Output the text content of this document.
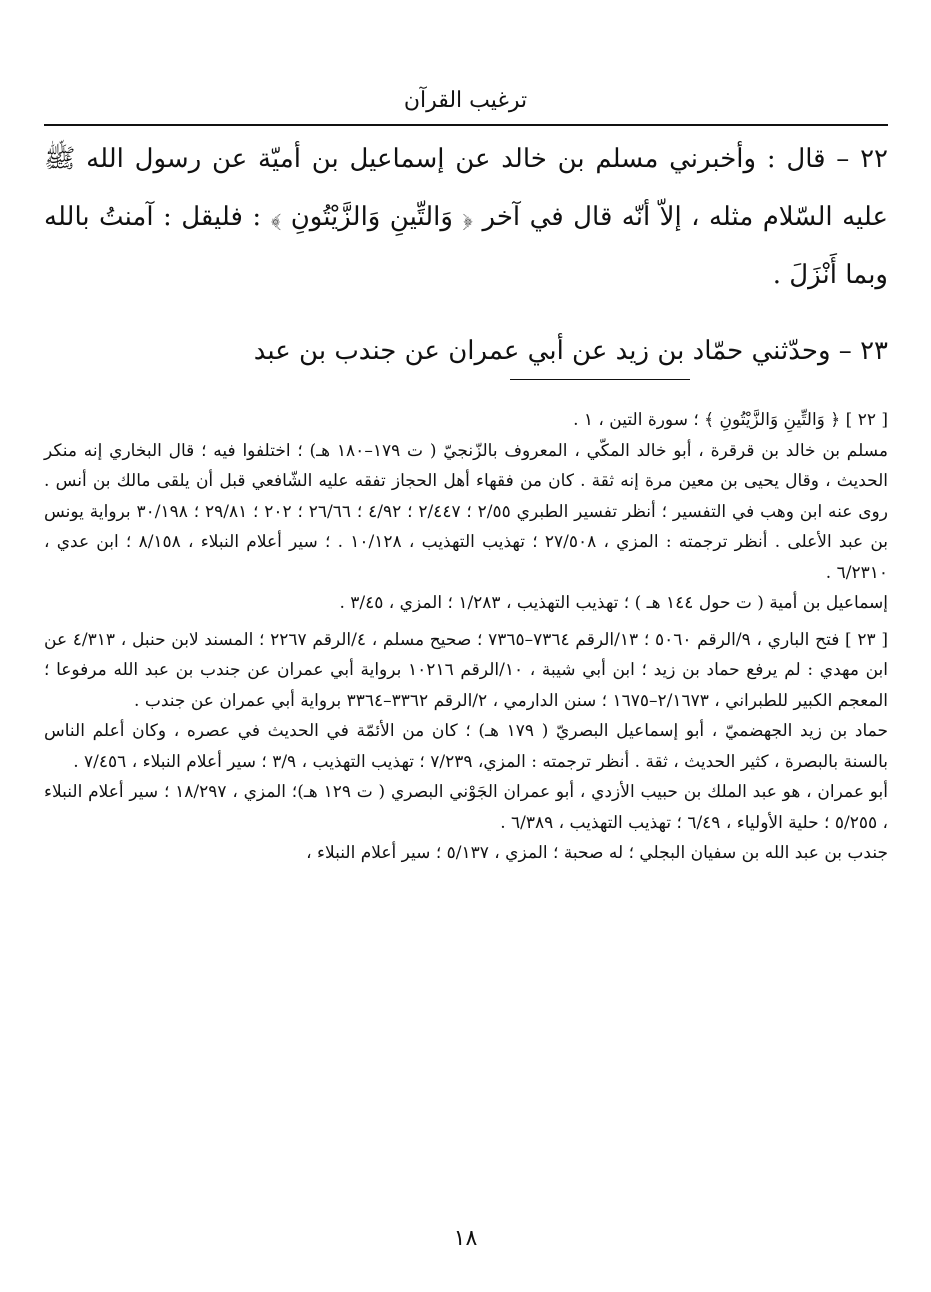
ترغيب القرآن

٢٢ – قال : وأخبرني مسلم بن خالد عن إسماعيل بن أميّة عن رسول الله ﷺ عليه السّلام مثله ، إلاّ أنّه قال في آخر ﴿ وَالتِّينِ وَالزَّيْتُونِ ﴾ : فليقل : آمنتُ بالله وبما أَنْزَلَ .

٢٣ – وحدّثني حمّاد بن زيد عن أبي عمران عن جندب بن عبد

[ ٢٢ ] ﴿ وَالتِّينِ وَالزَّيْتُونِ ﴾ ؛ سورة التين ، ١ .

مسلم بن خالد بن قرقرة ، أبو خالد المكّي ، المعروف بالزّنجيّ ( ت ١٧٩–١٨٠ هـ) ؛ اختلفوا فيه ؛ قال البخاري إنه منكر الحديث ، وقال يحيى بن معين مرة إنه ثقة . كان من فقهاء أهل الحجاز تفقه عليه الشّافعي قبل أن يلقى مالك بن أنس . روى عنه ابن وهب في التفسير ؛ أنظر تفسير الطبري ٢/٥٥ ؛ ٢/٤٤٧ ؛ ٤/٩٢ ؛ ٢٦/٦٦ ؛ ٢٠٢ ؛ ٢٩/٨١ ؛ ٣٠/١٩٨ برواية يونس بن عبد الأعلى . أنظر ترجمته : المزي ، ٢٧/٥٠٨ ؛ تهذيب التهذيب ، ١٠/١٢٨ . ؛ سير أعلام النبلاء ، ٨/١٥٨ ؛ ابن عدي ، ٦/٢٣١٠ .

إسماعيل بن أمية ( ت حول ١٤٤ هـ ) ؛ تهذيب التهذيب ، ١/٢٨٣ ؛ المزي ، ٣/٤٥ .

[ ٢٣ ] فتح الباري ، ٩/الرقم ٥٠٦٠ ؛ ١٣/الرقم ٧٣٦٤–٧٣٦٥ ؛ صحيح مسلم ، ٤/الرقم ٢٢٦٧ ؛ المسند لابن حنبل ، ٤/٣١٣ عن ابن مهدي : لم يرفع حماد بن زيد ؛ ابن أبي شيبة ، ١٠/الرقم ١٠٢١٦ برواية أبي عمران عن جندب بن عبد الله مرفوعا ؛ المعجم الكبير للطبراني ، ٢/١٦٧٣–١٦٧٥ ؛ سنن الدارمي ، ٢/الرقم ٣٣٦٢–٣٣٦٤ برواية أبي عمران عن جندب .

حماد بن زيد الجهضميّ ، أبو إسماعيل البصريّ ( ١٧٩ هـ) ؛ كان من الأئمّة في الحديث في عصره ، وكان أعلم الناس بالسنة بالبصرة ، كثير الحديث ، ثقة . أنظر ترجمته : المزي، ٧/٢٣٩ ؛ تهذيب التهذيب ، ٣/٩ ؛ سير أعلام النبلاء ، ٧/٤٥٦ .

أبو عمران ، هو عبد الملك بن حبيب الأزدي ، أبو عمران الجَوْني البصري ( ت ١٢٩ هـ)؛ المزي ، ١٨/٢٩٧ ؛ سير أعلام النبلاء ، ٥/٢٥٥ ؛ حلية الأولياء ، ٦/٤٩ ؛ تهذيب التهذيب ، ٦/٣٨٩ .

جندب بن عبد الله بن سفيان البجلي ؛ له صحبة ؛ المزي ، ٥/١٣٧ ؛ سير أعلام النبلاء ،

١٨
